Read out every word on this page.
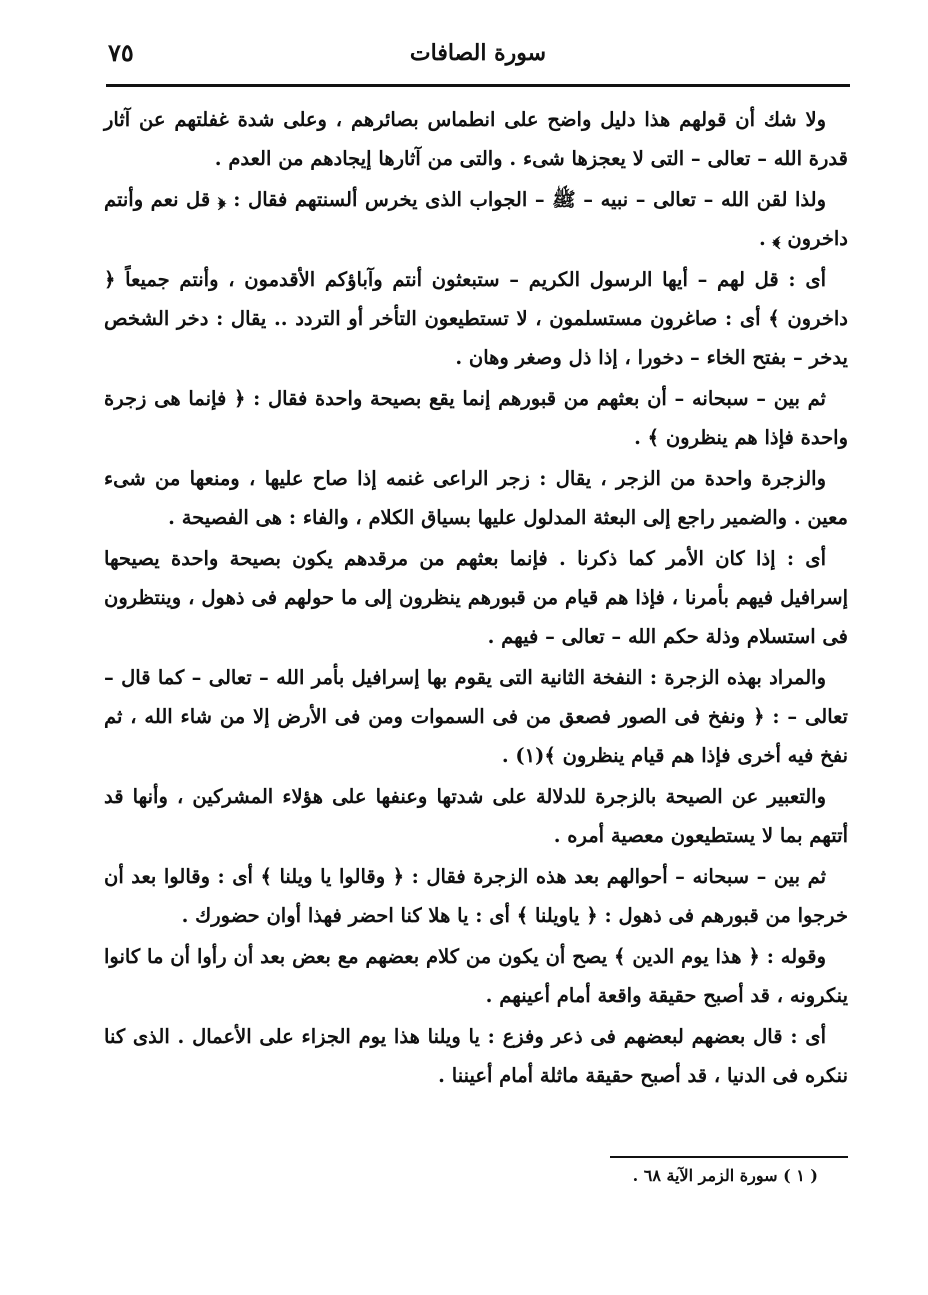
٧٥	سورة الصافات

ولا شك أن قولهم هذا دليل واضح على انطماس بصائرهم ، وعلى شدة غفلتهم عن آثار قدرة الله – تعالى – التى لا يعجزها شىء . والتى من آثارها إيجادهم من العدم .

ولذا لقن الله – تعالى – نبيه – ﷺ – الجواب الذى يخرس ألسنتهم فقال : ﴿ قل نعم وأنتم داخرون ﴾ .

أى : قل لهم – أيها الرسول الكريم – ستبعثون أنتم وآباؤكم الأقدمون ، وأنتم جميعاً ﴿ داخرون ﴾ أى : صاغرون مستسلمون ، لا تستطيعون التأخر أو التردد .. يقال : دخر الشخص يدخر – بفتح الخاء – دخورا ، إذا ذل وصغر وهان .

ثم بين – سبحانه – أن بعثهم من قبورهم إنما يقع بصيحة واحدة فقال : ﴿ فإنما هى زجرة واحدة فإذا هم ينظرون ﴾ .

والزجرة واحدة من الزجر ، يقال : زجر الراعى غنمه إذا صاح عليها ، ومنعها من شىء معين . والضمير راجع إلى البعثة المدلول عليها بسياق الكلام ، والفاء : هى الفصيحة .

أى : إذا كان الأمر كما ذكرنا . فإنما بعثهم من مرقدهم يكون بصيحة واحدة يصيحها إسرافيل فيهم بأمرنا ، فإذا هم قيام من قبورهم ينظرون إلى ما حولهم فى ذهول ، وينتظرون فى استسلام وذلة حكم الله – تعالى – فيهم .

والمراد بهذه الزجرة : النفخة الثانية التى يقوم بها إسرافيل بأمر الله – تعالى – كما قال – تعالى – : ﴿ ونفخ فى الصور فصعق من فى السموات ومن فى الأرض إلا من شاء الله ، ثم نفخ فيه أخرى فإذا هم قيام ينظرون ﴾(١) .

والتعبير عن الصيحة بالزجرة للدلالة على شدتها وعنفها على هؤلاء المشركين ، وأنها قد أتتهم بما لا يستطيعون معصية أمره .

ثم بين – سبحانه – أحوالهم بعد هذه الزجرة فقال : ﴿ وقالوا يا ويلنا ﴾ أى : وقالوا بعد أن خرجوا من قبورهم فى ذهول : ﴿ ياويلنا ﴾ أى : يا هلا كنا احضر فهذا أوان حضورك .

وقوله : ﴿ هذا يوم الدين ﴾ يصح أن يكون من كلام بعضهم مع بعض بعد أن رأوا أن ما كانوا ينكرونه ، قد أصبح حقيقة واقعة أمام أعينهم .

أى : قال بعضهم لبعضهم فى ذعر وفزع : يا ويلنا هذا يوم الجزاء على الأعمال . الذى كنا ننكره فى الدنيا ، قد أصبح حقيقة ماثلة أمام أعيننا .

( ١ ) سورة الزمر الآية ٦٨ .
